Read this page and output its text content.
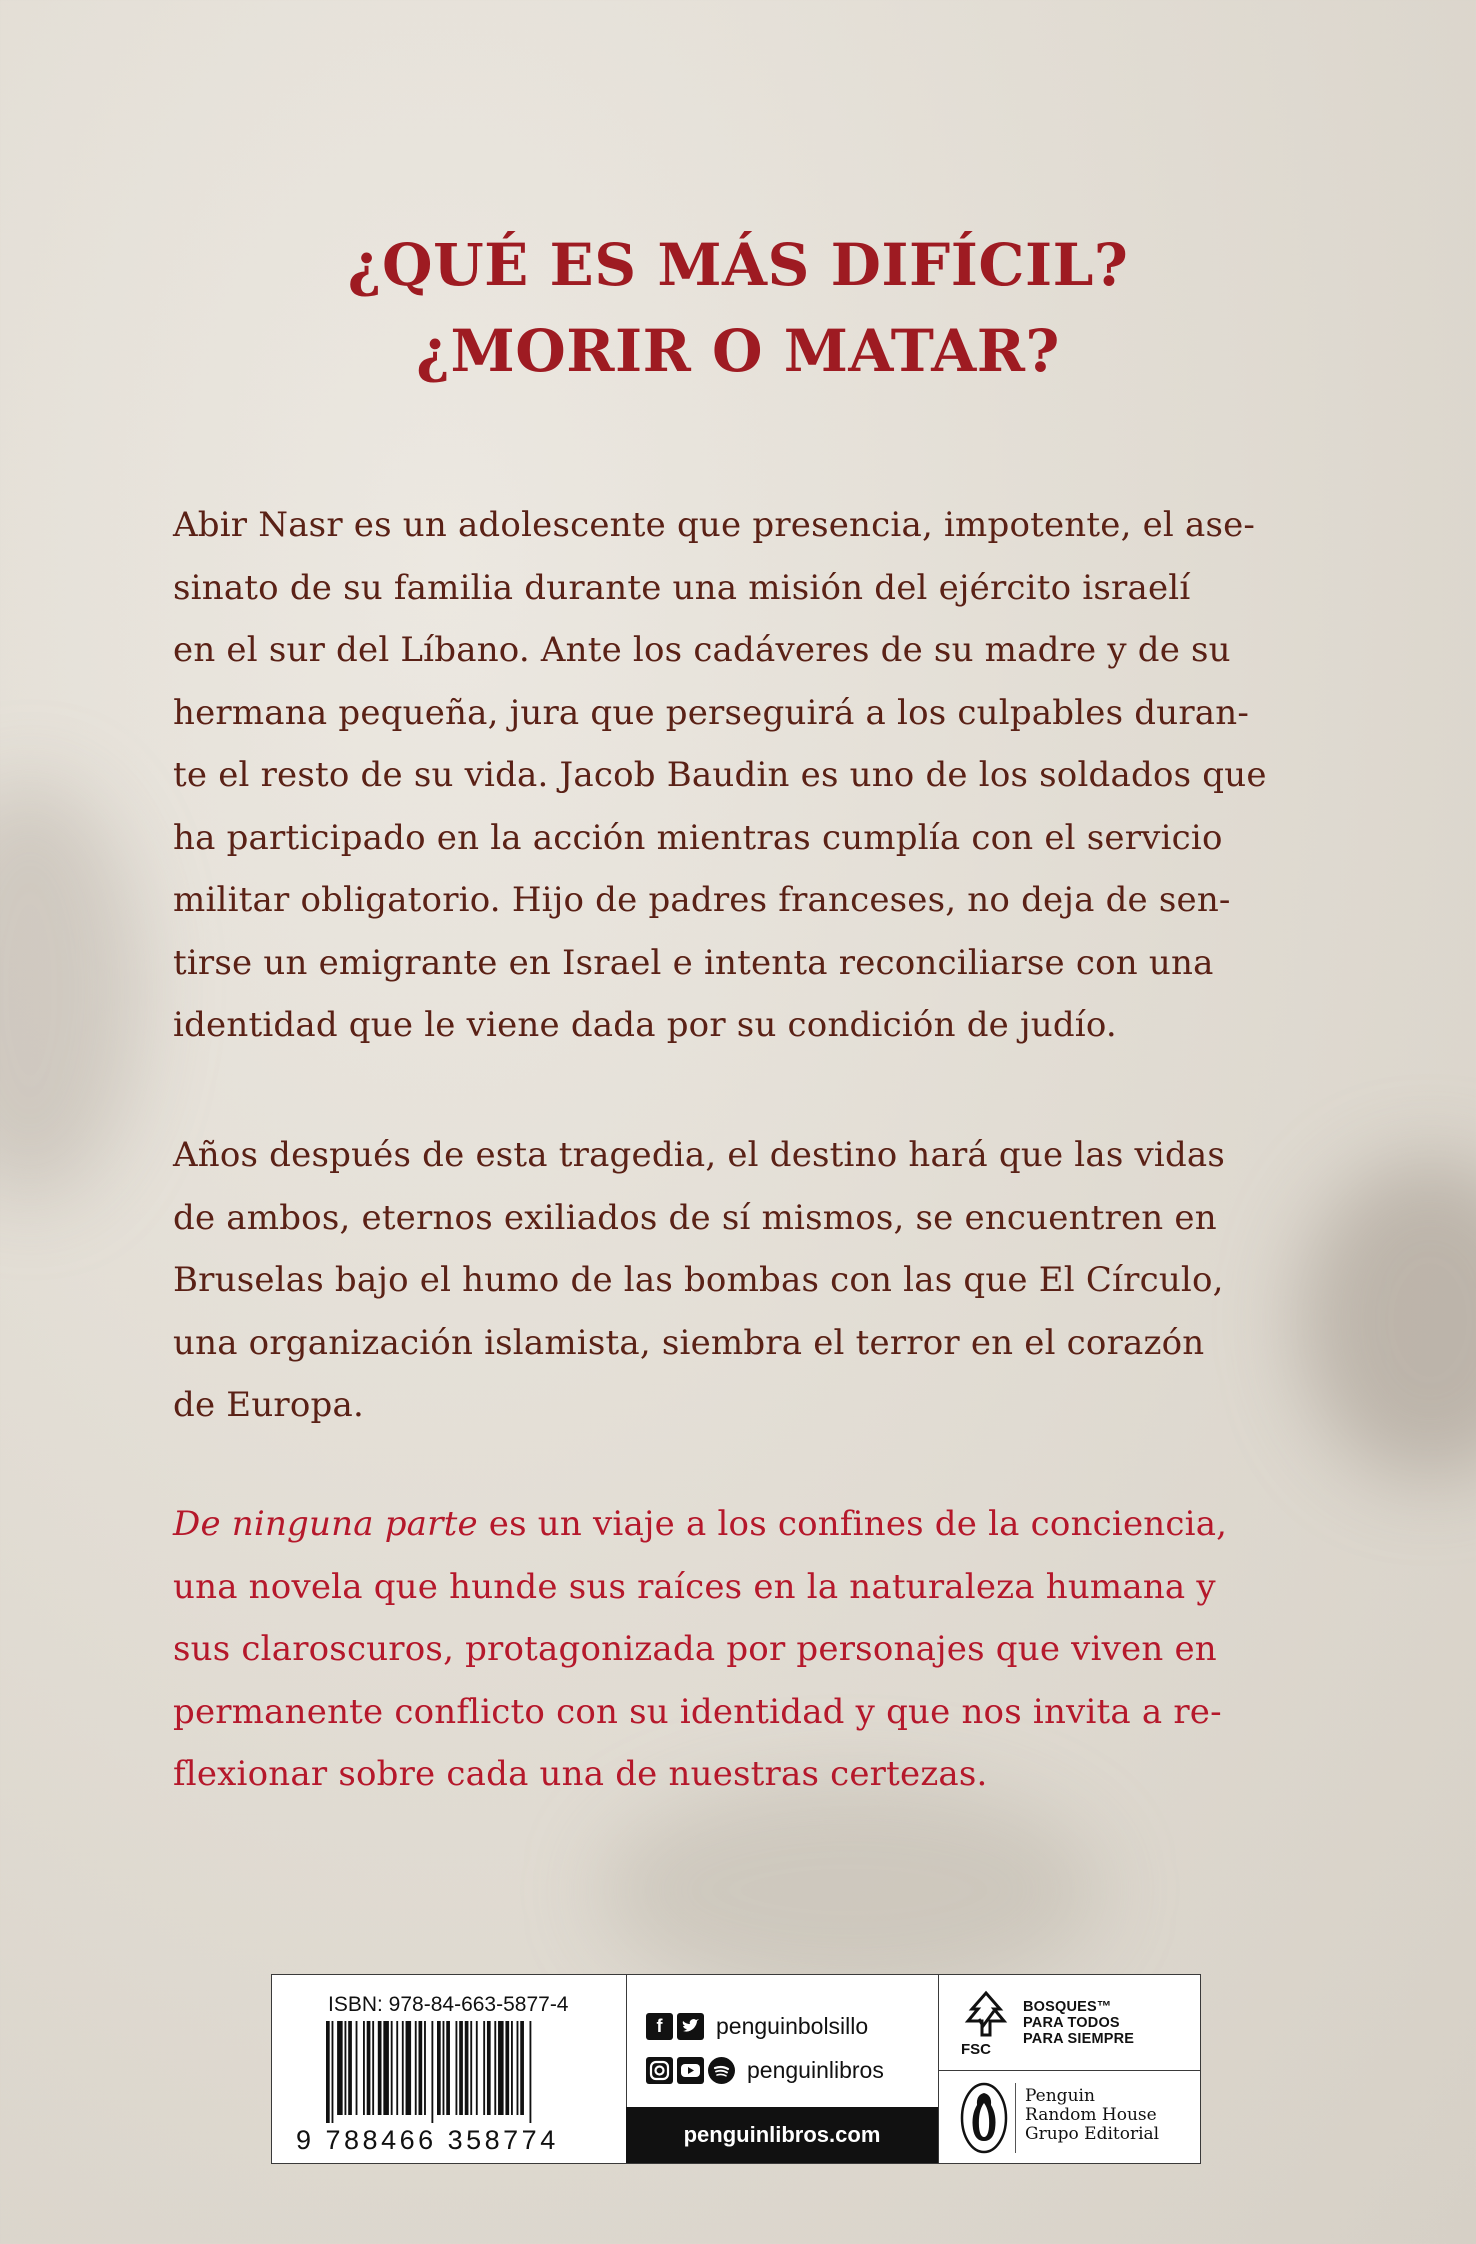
¿QUÉ ES MÁS DIFÍCIL?
¿MORIR O MATAR?
Abir Nasr es un adolescente que presencia, impotente, el ase-
sinato de su familia durante una misión del ejército israelí
en el sur del Líbano. Ante los cadáveres de su madre y de su
hermana pequeña, jura que perseguirá a los culpables duran-
te el resto de su vida. Jacob Baudin es uno de los soldados que
ha participado en la acción mientras cumplía con el servicio
militar obligatorio. Hijo de padres franceses, no deja de sen-
tirse un emigrante en Israel e intenta reconciliarse con una
identidad que le viene dada por su condición de judío.
Años después de esta tragedia, el destino hará que las vidas
de ambos, eternos exiliados de sí mismos, se encuentren en
Bruselas bajo el humo de las bombas con las que El Círculo,
una organización islamista, siembra el terror en el corazón
de Europa.
De ninguna parte es un viaje a los confines de la conciencia,
una novela que hunde sus raíces en la naturaleza humana y
sus claroscuros, protagonizada por personajes que viven en
permanente conflicto con su identidad y que nos invita a re-
flexionar sobre cada una de nuestras certezas.
ISBN: 978-84-663-5877-4
9 788466 358774
f	penguinbolsillo
penguinlibros
penguinlibros.com
FSC
BOSQUES™
PARA TODOS
PARA SIEMPRE
Penguin
Random House
Grupo Editorial
